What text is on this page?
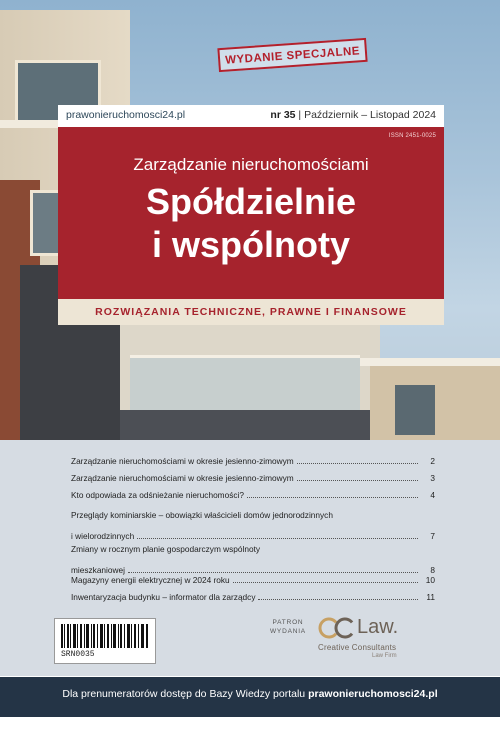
WYDANIE SPECJALNE
prawonieruchomosci24.pl	nr 35 | Październik – Listopad 2024
ISSN 2451-0025
Zarządzanie nieruchomościami
Spółdzielnie
i wspólnoty
ROZWIĄZANIA TECHNICZNE, PRAWNE I FINANSOWE
Zarządzanie nieruchomościami w okresie jesienno-zimowym	2
Zarządzanie nieruchomościami w okresie jesienno-zimowym	3
Kto odpowiada za odśnieżanie nieruchomości?	4
Przeglądy kominiarskie – obowiązki właścicieli domów jednorodzinnych
i wielorodzinnych	7
Zmiany w rocznym planie gospodarczym wspólnoty
mieszkaniowej	8
Magazyny energii elektrycznej w 2024 roku	10
Inwentaryzacja budynku – informator dla zarządcy	11
SRN0035
PATRON
WYDANIA	Law.
Creative Consultants
Law Firm
Dla prenumeratorów dostęp do Bazy Wiedzy portalu prawonieruchomosci24.pl
